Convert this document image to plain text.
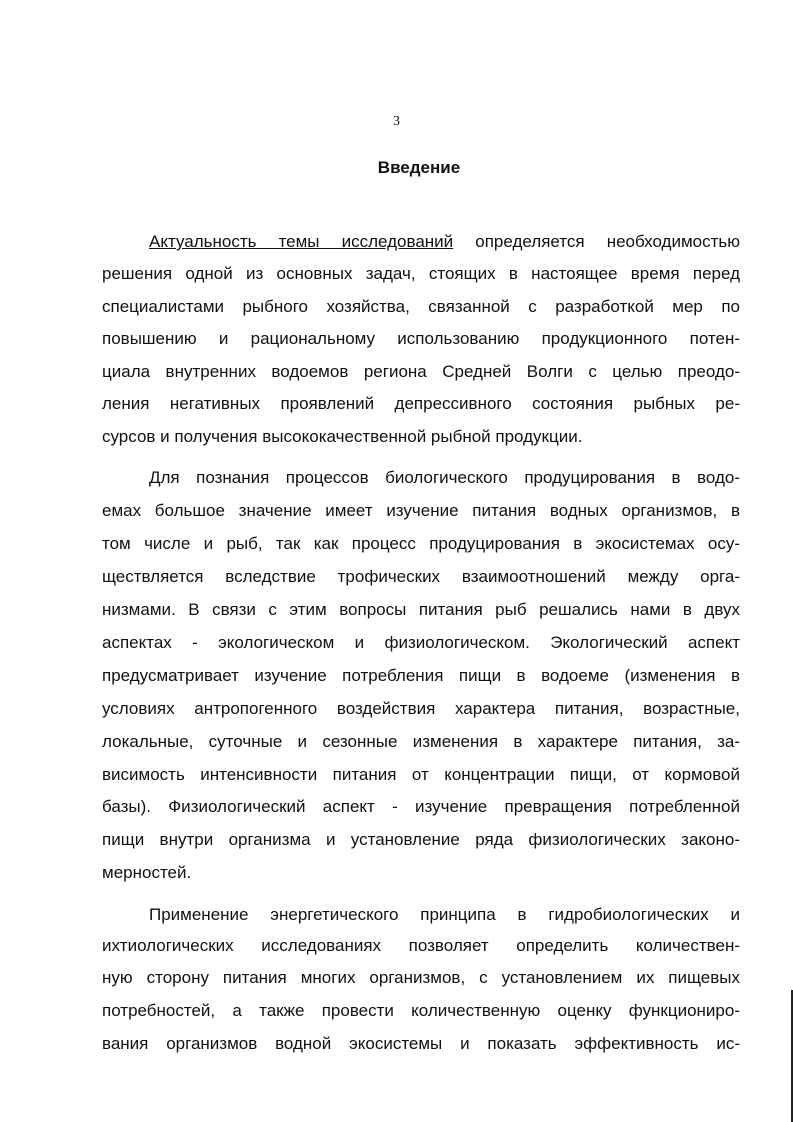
3
Введение
Актуальность темы исследований определяется необходимостью
решения одной из основных задач, стоящих в настоящее время перед
специалистами рыбного хозяйства, связанной с разработкой мер по
повышению и рациональному использованию продукционного потен-
циала внутренних водоемов региона Средней Волги с целью преодо-
ления негативных проявлений депрессивного состояния рыбных ре-
сурсов и получения высококачественной рыбной продукции.
Для познания процессов биологического продуцирования в водо-
емах большое значение имеет изучение питания водных организмов, в
том числе и рыб, так как процесс продуцирования в экосистемах осу-
ществляется вследствие трофических взаимоотношений между орга-
низмами. В связи с этим вопросы питания рыб решались нами в двух
аспектах - экологическом и физиологическом. Экологический аспект
предусматривает изучение потребления пищи в водоеме (изменения в
условиях антропогенного воздействия характера питания, возрастные,
локальные, суточные и сезонные изменения в характере питания, за-
висимость интенсивности питания от концентрации пищи, от кормовой
базы). Физиологический аспект - изучение превращения потребленной
пищи внутри организма и установление ряда физиологических законо-
мерностей.
Применение энергетического принципа в гидробиологических и
ихтиологических исследованиях позволяет определить количествен-
ную сторону питания многих организмов, с установлением их пищевых
потребностей, а также провести количественную оценку функциониро-
вания организмов водной экосистемы и показать эффективность ис-
